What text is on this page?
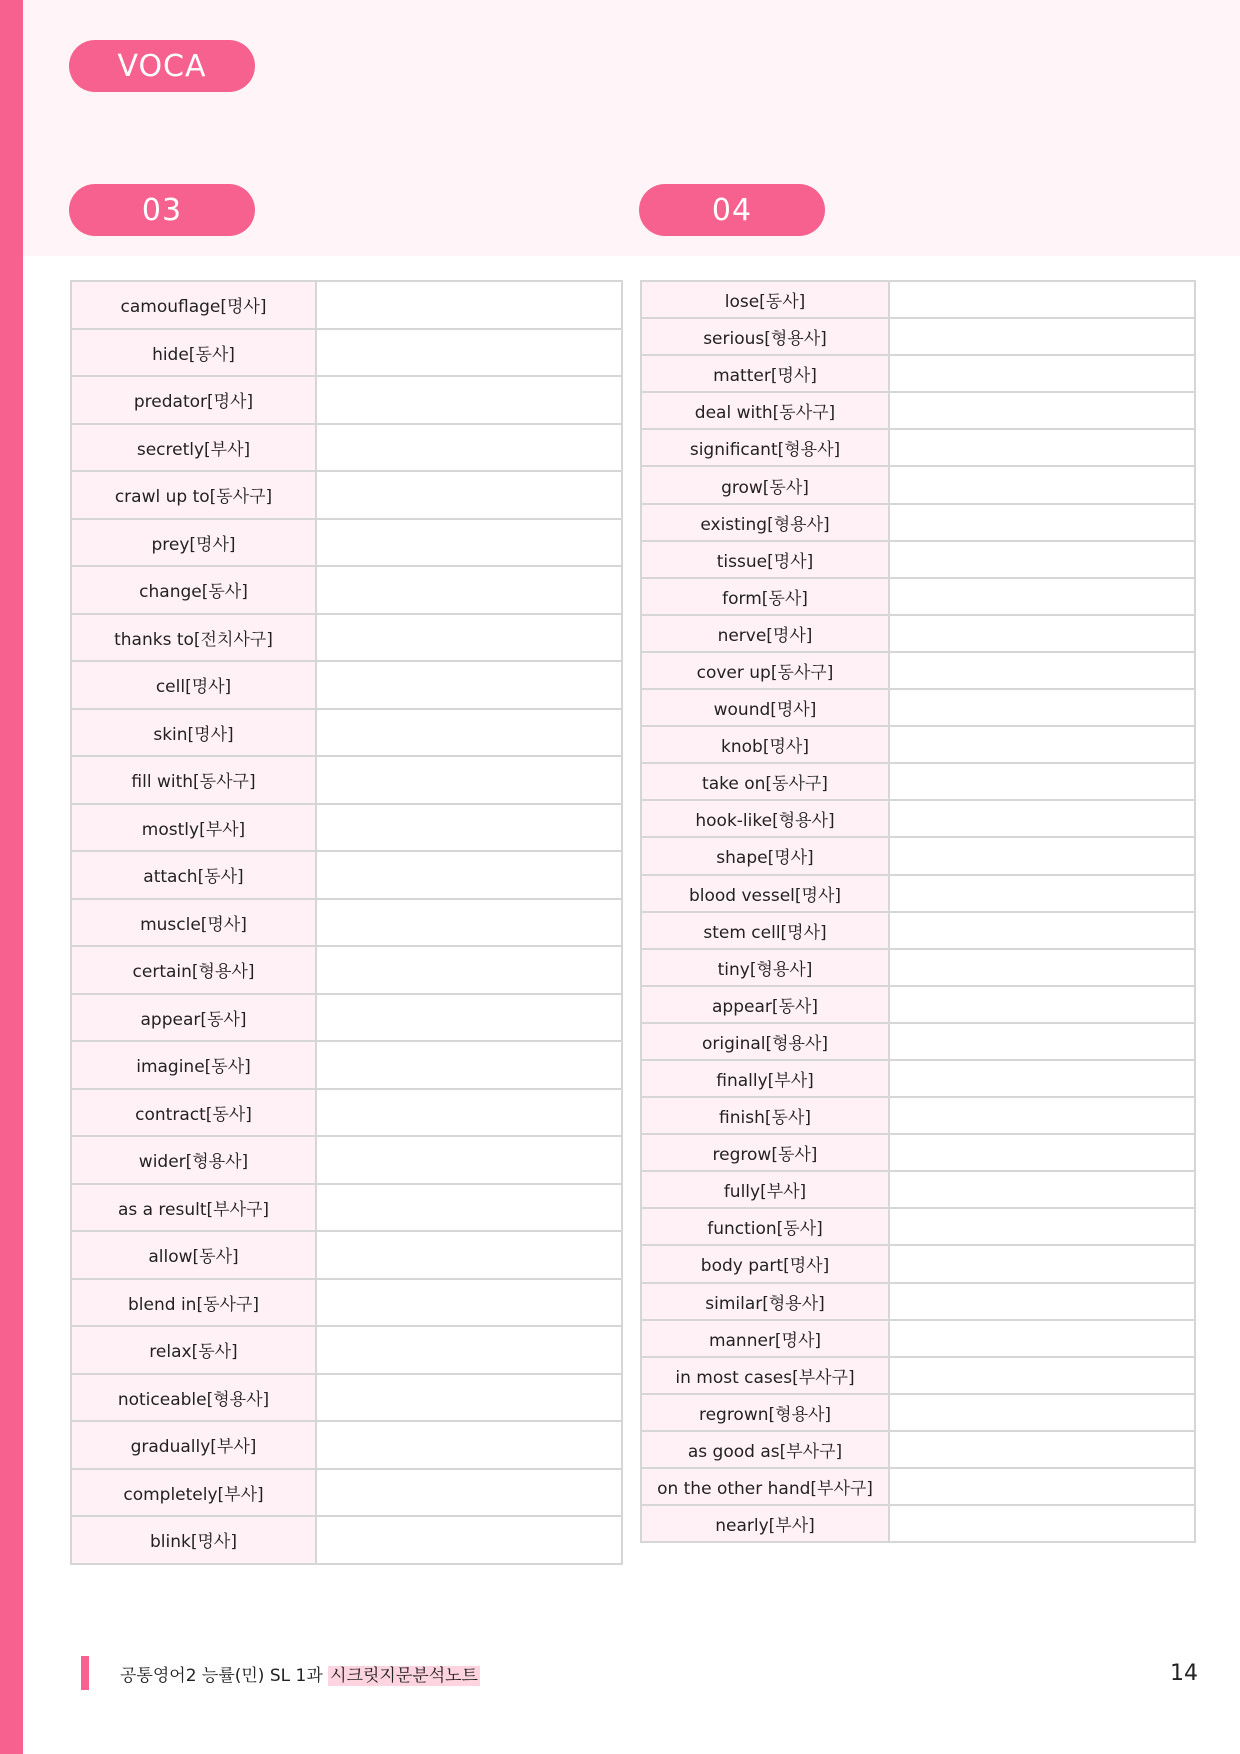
VOCA
03	04
camouflage[명사]	
hide[동사]	
predator[명사]	
secretly[부사]	
crawl up to[동사구]	
prey[명사]	
change[동사]	
thanks to[전치사구]	
cell[명사]	
skin[명사]	
fill with[동사구]	
mostly[부사]	
attach[동사]	
muscle[명사]	
certain[형용사]	
appear[동사]	
imagine[동사]	
contract[동사]	
wider[형용사]	
as a result[부사구]	
allow[동사]	
blend in[동사구]	
relax[동사]	
noticeable[형용사]	
gradually[부사]	
completely[부사]	
blink[명사]	
lose[동사]	
serious[형용사]	
matter[명사]	
deal with[동사구]	
significant[형용사]	
grow[동사]	
existing[형용사]	
tissue[명사]	
form[동사]	
nerve[명사]	
cover up[동사구]	
wound[명사]	
knob[명사]	
take on[동사구]	
hook-like[형용사]	
shape[명사]	
blood vessel[명사]	
stem cell[명사]	
tiny[형용사]	
appear[동사]	
original[형용사]	
finally[부사]	
finish[동사]	
regrow[동사]	
fully[부사]	
function[동사]	
body part[명사]	
similar[형용사]	
manner[명사]	
in most cases[부사구]	
regrown[형용사]	
as good as[부사구]	
on the other hand[부사구]	
nearly[부사]	
공통영어2 능률(민) SL 1과 시크릿지문분석노트	14
